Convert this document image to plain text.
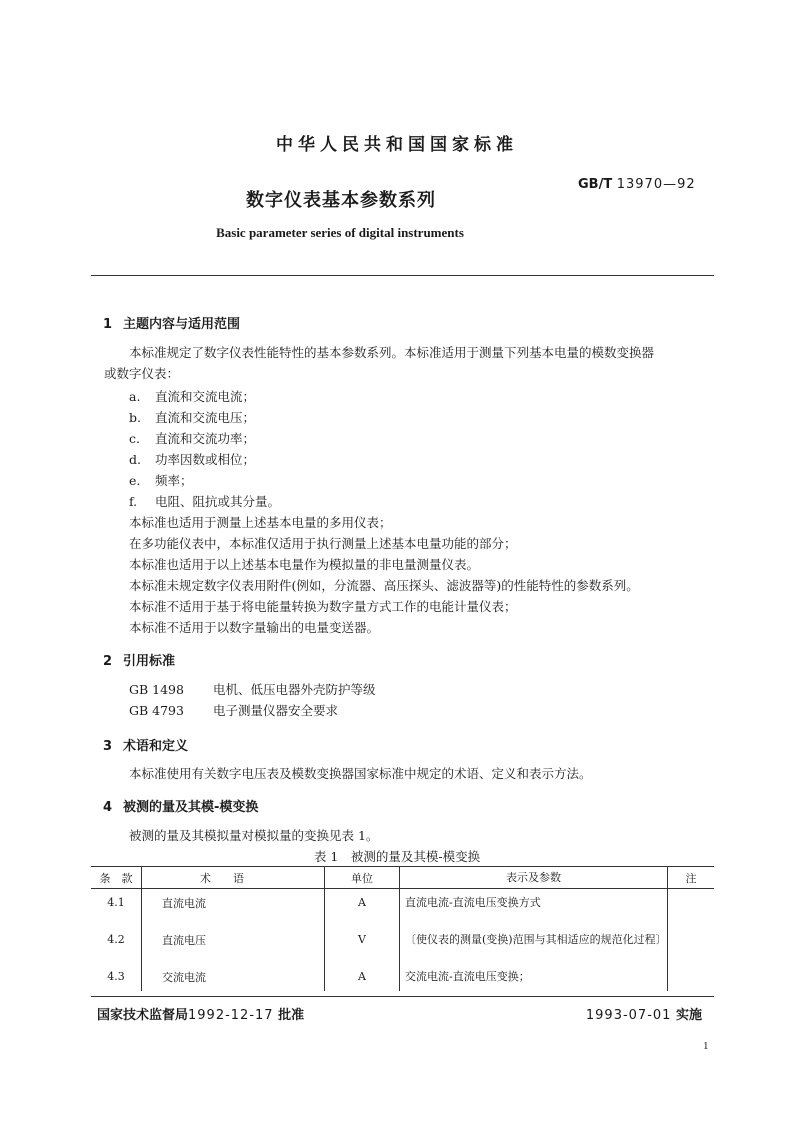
中华人民共和国国家标准
GB/T 13970—92
数字仪表基本参数系列
Basic parameter series of digital instruments
1 主题内容与适用范围
本标准规定了数字仪表性能特性的基本参数系列。本标准适用于测量下列基本电量的模数变换器
或数字仪表：
a. 直流和交流电流；
b. 直流和交流电压；
c. 直流和交流功率；
d. 功率因数或相位；
e. 频率；
f. 电阻、阻抗或其分量。
本标准也适用于测量上述基本电量的多用仪表；
在多功能仪表中，本标准仅适用于执行测量上述基本电量功能的部分；
本标准也适用于以上述基本电量作为模拟量的非电量测量仪表。
本标准未规定数字仪表用附件(例如，分流器、高压探头、滤波器等)的性能特性的参数系列。
本标准不适用于基于将电能量转换为数字量方式工作的电能计量仪表；
本标准不适用于以数字量输出的电量变送器。
2 引用标准
GB 1498 电机、低压电器外壳防护等级
GB 4793 电子测量仪器安全要求
3 术语和定义
本标准使用有关数字电压表及模数变换器国家标准中规定的术语、定义和表示方法。
4 被测的量及其模-模变换
被测的量及其模拟量对模拟量的变换见表 1。
表 1　被测的量及其模-模变换
条　款	术语	单位	表示及参数	注
4.1	直流电流	A	直流电流-直流电压变换方式	
4.2	直流电压	V	〔使仪表的测量(变换)范围与其相适应的规范化过程〕	
4.3	交流电流	A	交流电流-直流电压变换；	
国家技术监督局1992-12-17 批准	1993-07-01 实施
1
